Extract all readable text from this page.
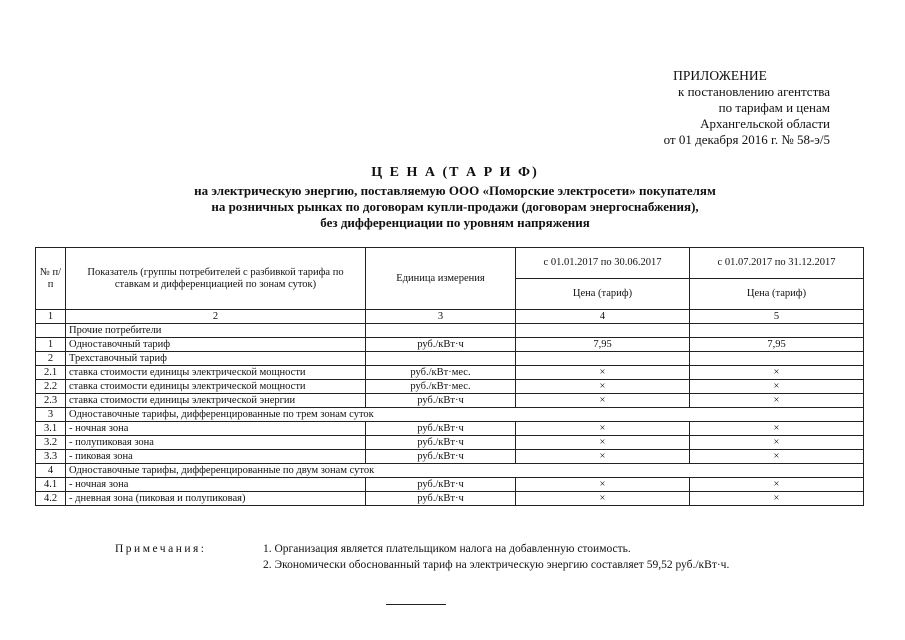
ПРИЛОЖЕНИЕ
к постановлению агентства
по тарифам и ценам
Архангельской области
от 01 декабря 2016 г. № 58-э/5
Ц Е Н А (Т А Р И Ф)
на электрическую энергию, поставляемую ООО «Поморские электросети» покупателям
на розничных рынках по договорам купли-продажи (договорам энергоснабжения),
без дифференциации по уровням напряжения
№ п/п	Показатель (группы потребителей с разбивкой тарифа по ставкам и дифференциацией по зонам суток)	Единица измерения	с 01.01.2017 по 30.06.2017	с 01.07.2017 по 31.12.2017
			Цена (тариф)	Цена (тариф)
1	2	3	4	5
	Прочие потребители			
1	Одноставочный тариф	руб./кВт·ч	7,95	7,95
2	Трехставочный тариф			
2.1	ставка стоимости единицы электрической мощности	руб./кВт·мес.	×	×
2.2	ставка стоимости единицы электрической мощности	руб./кВт·мес.	×	×
2.3	ставка стоимости единицы электрической энергии	руб./кВт·ч	×	×
3	Одноставочные тарифы, дифференцированные по трем зонам суток			
3.1	- ночная зона	руб./кВт·ч	×	×
3.2	- полупиковая зона	руб./кВт·ч	×	×
3.3	- пиковая зона	руб./кВт·ч	×	×
4	Одноставочные тарифы, дифференцированные по двум зонам суток			
4.1	- ночная зона	руб./кВт·ч	×	×
4.2	- дневная зона (пиковая и полупиковая)	руб./кВт·ч	×	×
Примечания:	1. Организация является плательщиком налога на добавленную стоимость.
2. Экономически обоснованный тариф на электрическую энергию составляет 59,52 руб./кВт·ч.
